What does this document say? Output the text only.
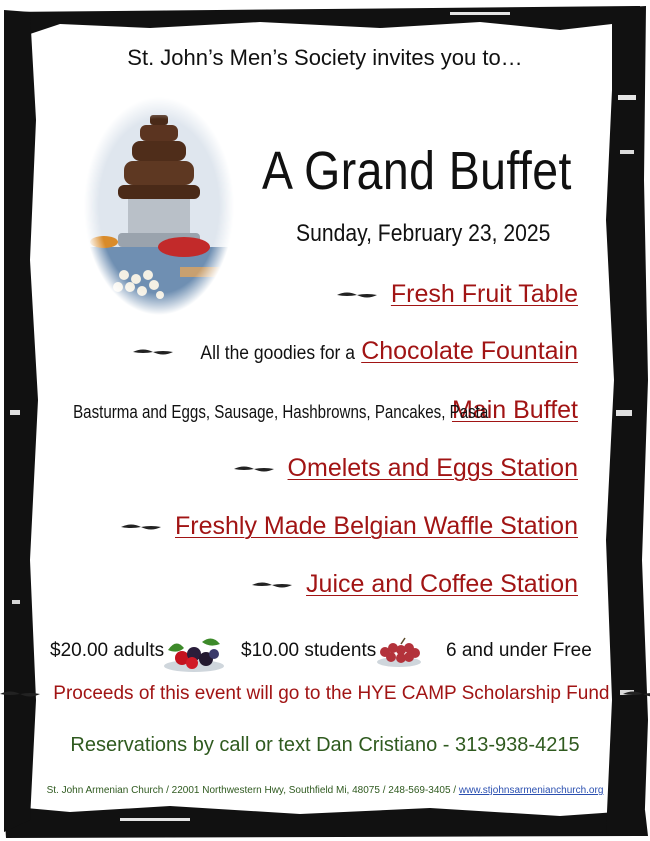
St. John’s Men’s Society invites you to…
A Grand Buffet
Sunday, February 23, 2025
Fresh Fruit Table
All the goodies for a Chocolate Fountain
Basturma and Eggs, Sausage, Hashbrowns, Pancakes, Pasta
Main Buffet
Omelets and Eggs Station
Freshly Made Belgian Waffle Station
Juice and Coffee Station
$20.00 adults	$10.00 students	6 and under Free
Proceeds of this event will go to the HYE CAMP Scholarship Fund
Reservations by call or text Dan Cristiano - 313-938-4215
St. John Armenian Church / 22001 Northwestern Hwy, Southfield Mi, 48075 / 248-569-3405 / www.stjohnsarmenianchurch.org
